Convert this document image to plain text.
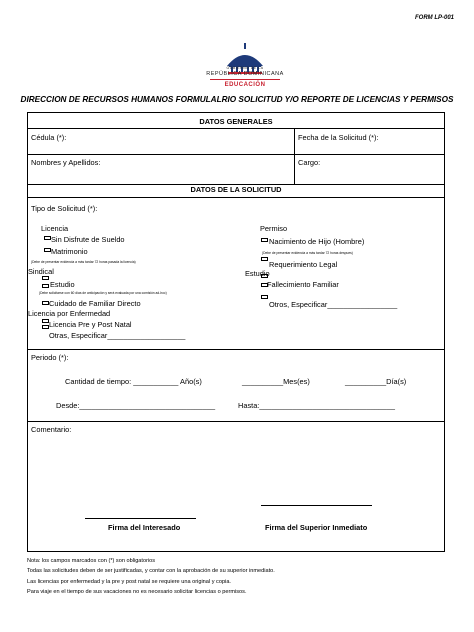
FORM LP-001
GOBIERNO DE LA
REPÚBLICA DOMINICANA
EDUCACIÓN
DIRECCION DE RECURSOS HUMANOS FORMULALRIO SOLICITUD Y/O REPORTE DE LICENCIAS Y PERMISOS
DATOS GENERALES
Cédula (*):	Fecha de la Solicitud (*):
Nombres y Apellidos:	Cargo:
DATOS DE LA SOLICITUD
Tipo de Solicitud (*):
Licencia
Sin Disfrute de Sueldo
Matrimonio
(Debe de presentar evidencia a más tardar 72 horas pasada la licencia)
Sindical
Estudio
(Debe solicitarse con 60 días de anticipación y será evaluada por una comisión ad-hoc)
Cuidado de Familiar Directo
Licencia por Enfermedad
Licencia Pre y Post Natal
Otras, Especificar___________________
Permiso
Nacimiento de Hijo (Hombre)
(Debe de presentar evidencia a más tardar 72 horas despues)
Requerimiento Legal
Estudio
Fallecimiento Familiar
Otros, Especificar_________________
Periodo (*):
Cantidad de tiempo: ___________ Año(s)	__________Mes(es)	__________Día(s)
Desde:_________________________________	Hasta:_________________________________
Comentario:
Firma del Interesado	Firma del Superior Inmediato
Nota: los campos marcados con (*) son obligatorios
Todas las solicitudes deben de ser justificadas, y contar con la aprobación de su superior inmediato.
Las licencias por enfermedad y la pre y post natal se requiere una original y copia.
Para viaje en el tiempo de sus vacaciones no es necesario solicitar licencias o permisos.
